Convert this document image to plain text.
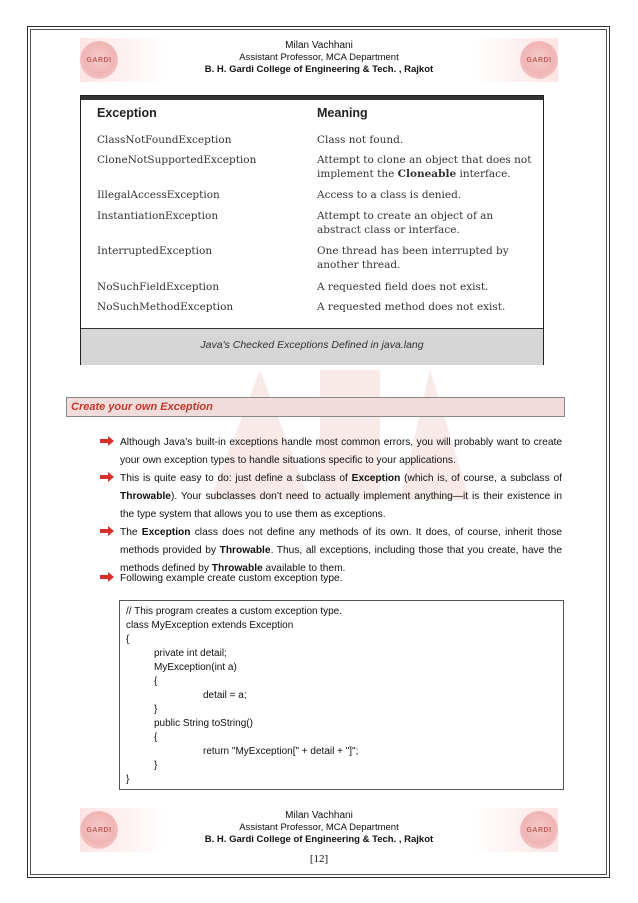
GARDI	GARDI
Milan Vachhani
Assistant Professor, MCA Department
B. H. Gardi College of Engineering & Tech. , Rajkot
Exception	Meaning
ClassNotFoundException	Class not found.
CloneNotSupportedException	Attempt to clone an object that does not implement the Cloneable interface.
IllegalAccessException	Access to a class is denied.
InstantiationException	Attempt to create an object of an abstract class or interface.
InterruptedException	One thread has been interrupted by another thread.
NoSuchFieldException	A requested field does not exist.
NoSuchMethodException	A requested method does not exist.
Java's Checked Exceptions Defined in java.lang
Create your own Exception
Although Java’s built-in exceptions handle most common errors, you will probably want to create your own exception types to handle situations specific to your applications.
This is quite easy to do: just define a subclass of Exception (which is, of course, a subclass of Throwable). Your subclasses don’t need to actually implement anything—it is their existence in the type system that allows you to use them as exceptions.
The Exception class does not define any methods of its own. It does, of course, inherit those methods provided by Throwable. Thus, all exceptions, including those that you create, have the methods defined by Throwable available to them.
Following example create custom exception type.
// This program creates a custom exception type.
class MyException extends Exception
{
private int detail;
MyException(int a)
{
detail = a;
}
public String toString()
{
return "MyException[" + detail + "]";
}
}
GARDI	GARDI
Milan Vachhani
Assistant Professor, MCA Department
B. H. Gardi College of Engineering & Tech. , Rajkot
[12]
